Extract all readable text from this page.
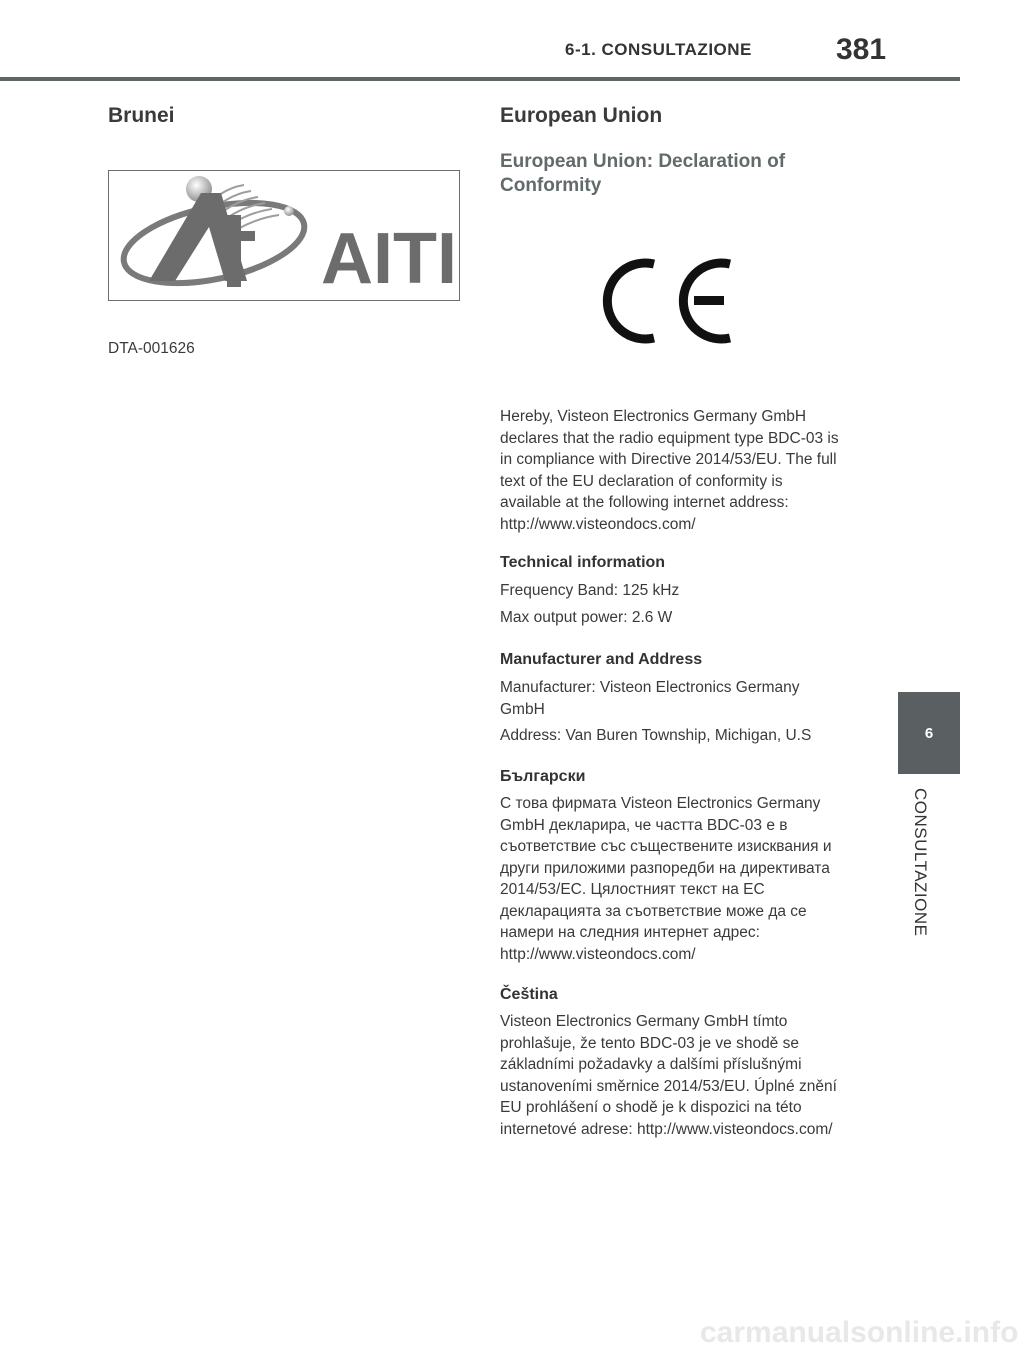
6-1. CONSULTAZIONE	381
Brunei
AITI
DTA-001626
European Union
European Union: Declaration of Conformity
Hereby, Visteon Electronics Germany GmbH declares that the radio equipment type BDC-03 is in compliance with Directive 2014/53/EU. The full text of the EU declaration of conformity is available at the following internet address: http://www.visteondocs.com/
Technical information
Frequency Band: 125 kHz
Max output power: 2.6 W
Manufacturer and Address
Manufacturer: Visteon Electronics Germany GmbH
Address: Van Buren Township, Michigan, U.S
Български
С това фирмата Visteon Electronics Germany GmbH декларира, че частта BDC-03 е в съответствие със съществените изисквания и други приложими разпоредби на директивата 2014/53/ЕС. Цялостният текст на ЕС декларацията за съответствие може да се намери на следния интернет адрес: http://www.visteondocs.com/
Čeština
Visteon Electronics Germany GmbH tímto prohlašuje, že tento BDC-03 je ve shodě se základními požadavky a dalšími příslušnými ustanoveními směrnice 2014/53/EU. Úplné znění EU prohlášení o shodě je k dispozici na této internetové adrese: http://www.visteondocs.com/
6
CONSULTAZIONE
carmanualsonline.info
